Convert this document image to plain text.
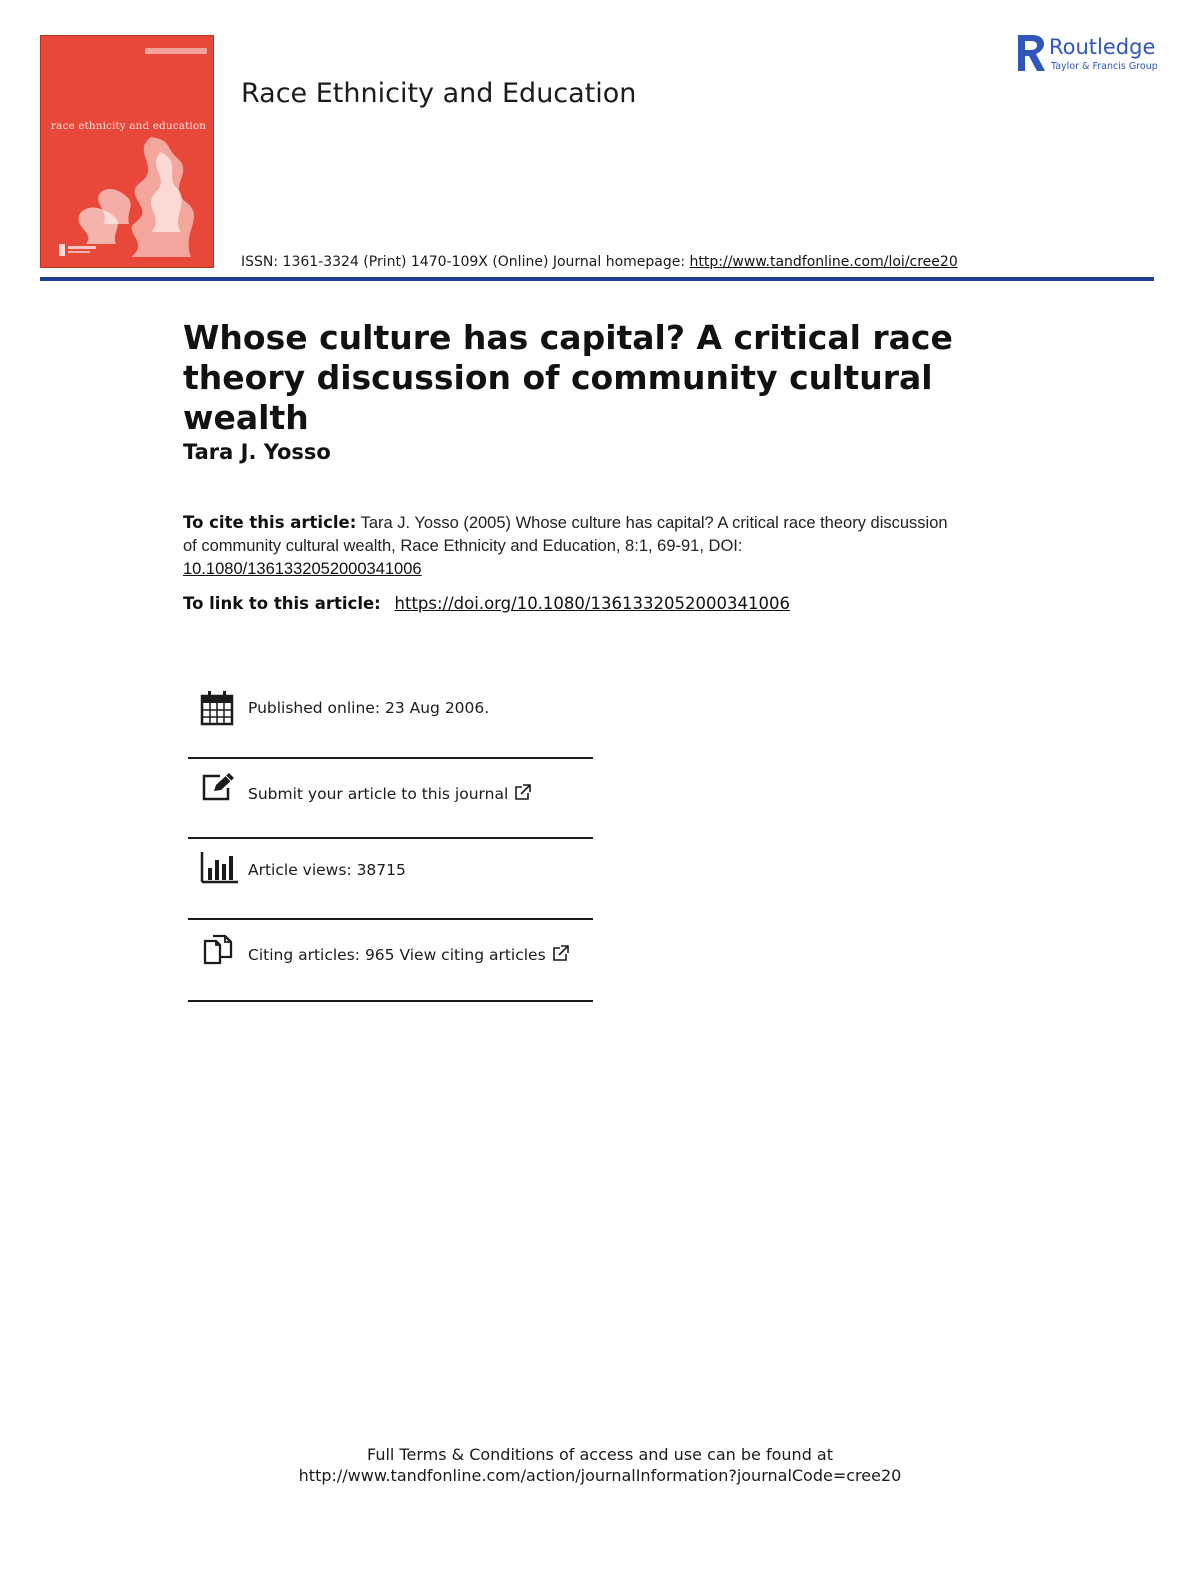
race ethnicity and education
Race Ethnicity and Education
Routledge
Taylor & Francis Group
ISSN: 1361-3324 (Print) 1470-109X (Online) Journal homepage: http://www.tandfonline.com/loi/cree20
Whose culture has capital? A critical race theory discussion of community cultural wealth
Tara J. Yosso
To cite this article: Tara J. Yosso (2005) Whose culture has capital? A critical race theory discussion of community cultural wealth, Race Ethnicity and Education, 8:1, 69-91, DOI: 10.1080/1361332052000341006
To link to this article: https://doi.org/10.1080/1361332052000341006
Published online: 23 Aug 2006.
Submit your article to this journal
Article views: 38715
Citing articles: 965 View citing articles
Full Terms & Conditions of access and use can be found at
http://www.tandfonline.com/action/journalInformation?journalCode=cree20
